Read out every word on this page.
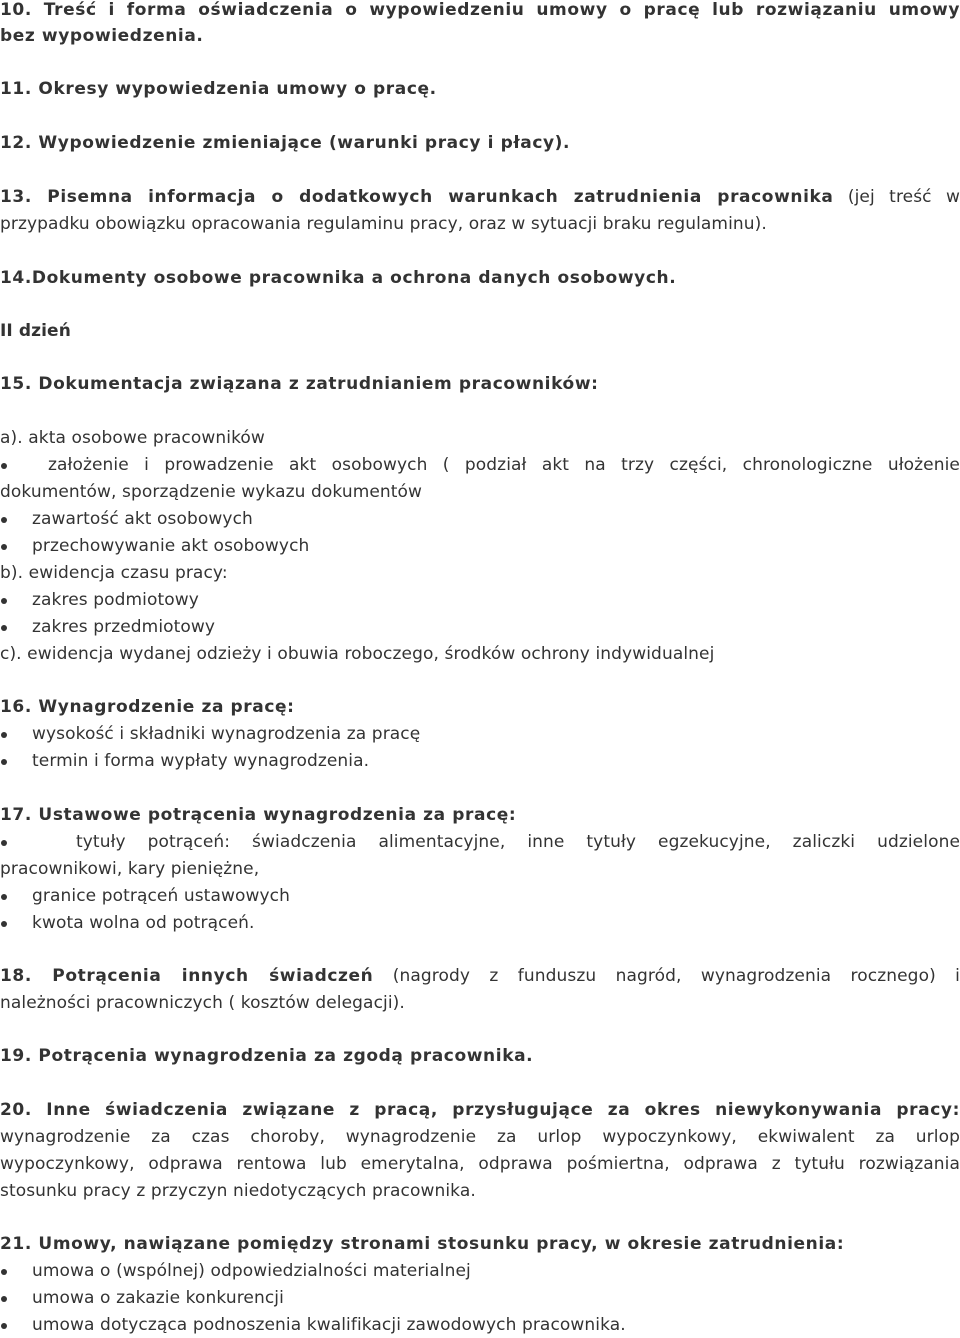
10. Treść i forma oświadczenia o wypowiedzeniu umowy o pracę lub rozwiązaniu umowy
bez wypowiedzenia.
11. Okresy wypowiedzenia umowy o pracę.
12. Wypowiedzenie zmieniające (warunki pracy i płacy).
13. Pisemna informacja o dodatkowych warunkach zatrudnienia pracownika (jej treść w
przypadku obowiązku opracowania regulaminu pracy, oraz w sytuacji braku regulaminu).
14.Dokumenty osobowe pracownika a ochrona danych osobowych.
II dzień
15. Dokumentacja związana z zatrudnianiem pracowników:
a). akta osobowe pracowników
założenie i prowadzenie akt osobowych ( podział akt na trzy części, chronologiczne ułożenie
dokumentów, sporządzenie wykazu dokumentów
zawartość akt osobowych
przechowywanie akt osobowych
b). ewidencja czasu pracy:
zakres podmiotowy
zakres przedmiotowy
c). ewidencja wydanej odzieży i obuwia roboczego, środków ochrony indywidualnej
16. Wynagrodzenie za pracę:
wysokość i składniki wynagrodzenia za pracę
termin i forma wypłaty wynagrodzenia.
17. Ustawowe potrącenia wynagrodzenia za pracę:
tytuły potrąceń: świadczenia alimentacyjne, inne tytuły egzekucyjne, zaliczki udzielone
pracownikowi, kary pieniężne,
granice potrąceń ustawowych
kwota wolna od potrąceń.
18. Potrącenia innych świadczeń (nagrody z funduszu nagród, wynagrodzenia rocznego) i
należności pracowniczych ( kosztów delegacji).
19. Potrącenia wynagrodzenia za zgodą pracownika.
20. Inne świadczenia związane z pracą, przysługujące za okres niewykonywania pracy:
wynagrodzenie za czas choroby, wynagrodzenie za urlop wypoczynkowy, ekwiwalent za urlop
wypoczynkowy, odprawa rentowa lub emerytalna, odprawa pośmiertna, odprawa z tytułu rozwiązania
stosunku pracy z przyczyn niedotyczących pracownika.
21. Umowy, nawiązane pomiędzy stronami stosunku pracy, w okresie zatrudnienia:
umowa o (wspólnej) odpowiedzialności materialnej
umowa o zakazie konkurencji
umowa dotycząca podnoszenia kwalifikacji zawodowych pracownika.
